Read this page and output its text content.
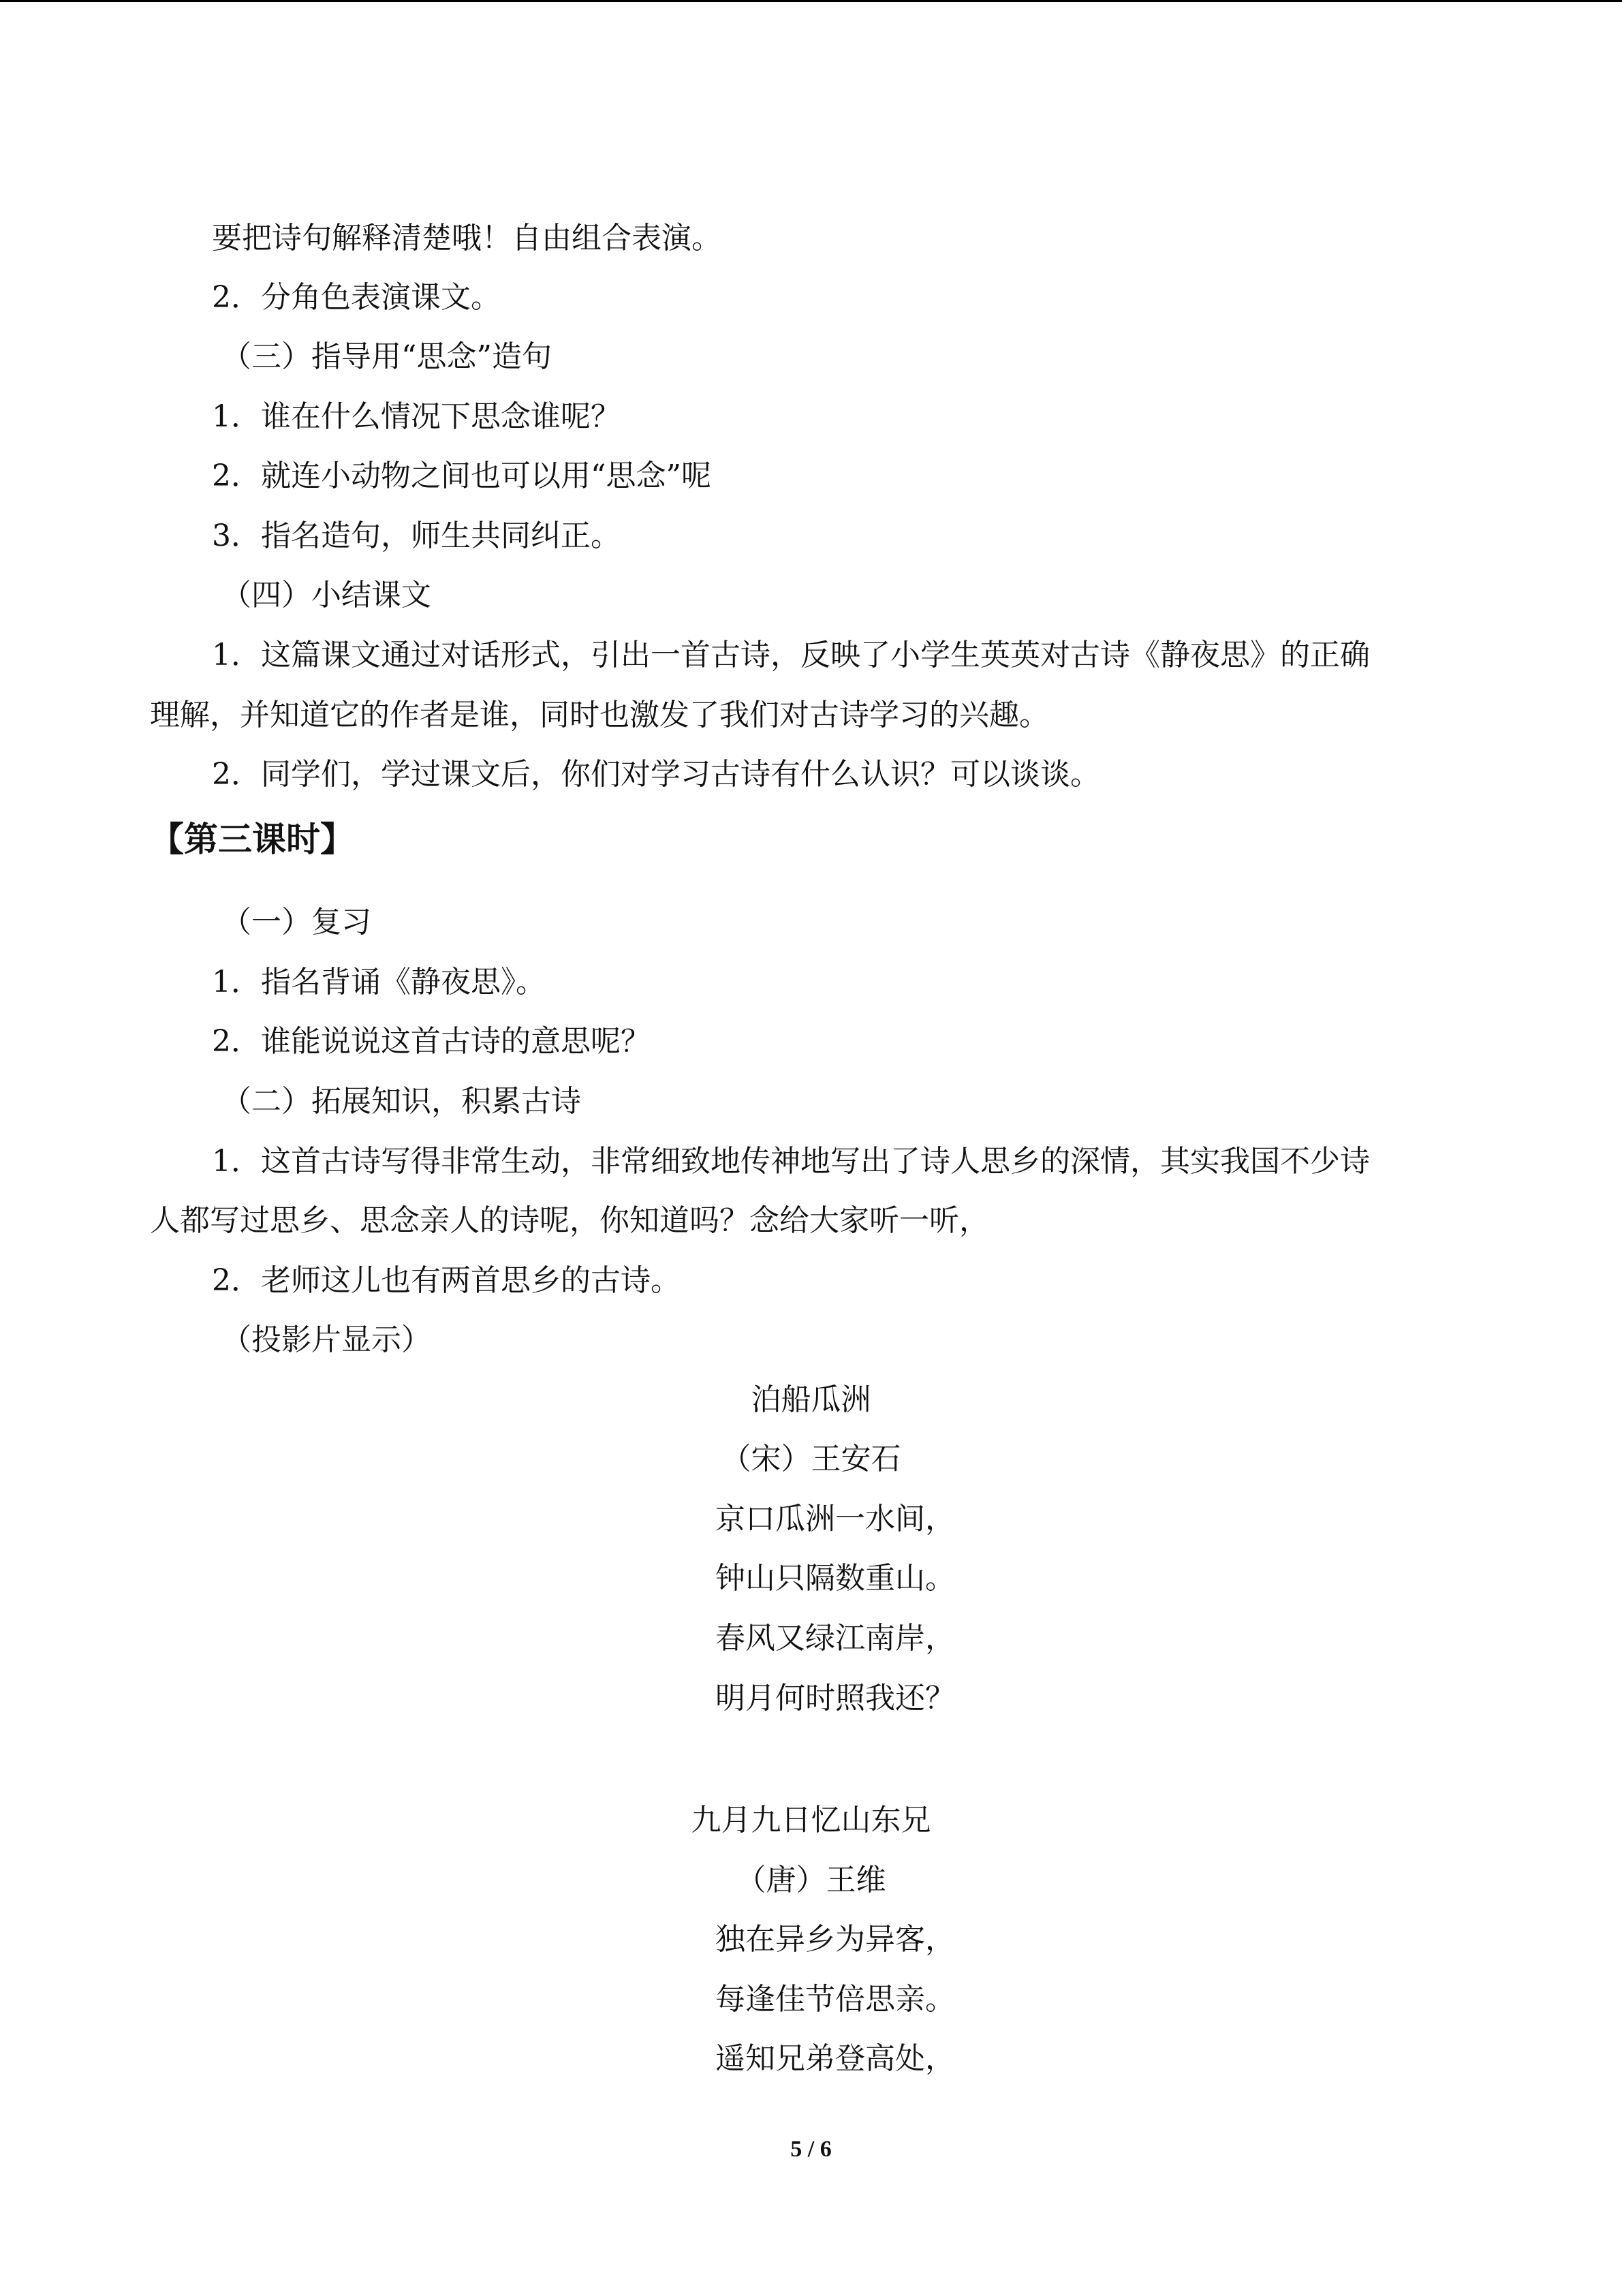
要把诗句解释清楚哦！自由组合表演。
2．分角色表演课文。
（三）指导用“思念”造句
1．谁在什么情况下思念谁呢？
2．就连小动物之间也可以用“思念”呢
3．指名造句，师生共同纠正。
（四）小结课文
1．这篇课文通过对话形式，引出一首古诗，反映了小学生英英对古诗《静夜思》的正确
理解，并知道它的作者是谁，同时也激发了我们对古诗学习的兴趣。
2．同学们，学过课文后，你们对学习古诗有什么认识？可以谈谈。
【第三课时】
（一）复习
1．指名背诵《静夜思》。
2．谁能说说这首古诗的意思呢？
（二）拓展知识，积累古诗
1．这首古诗写得非常生动，非常细致地传神地写出了诗人思乡的深情，其实我国不少诗
人都写过思乡、思念亲人的诗呢，你知道吗？念给大家听一听，
2．老师这儿也有两首思乡的古诗。
（投影片显示）
泊船瓜洲
（宋）王安石
京口瓜洲一水间，
钟山只隔数重山。
春风又绿江南岸，
明月何时照我还？
九月九日忆山东兄
（唐）王维
独在异乡为异客，
每逢佳节倍思亲。
遥知兄弟登高处，
5 / 6
